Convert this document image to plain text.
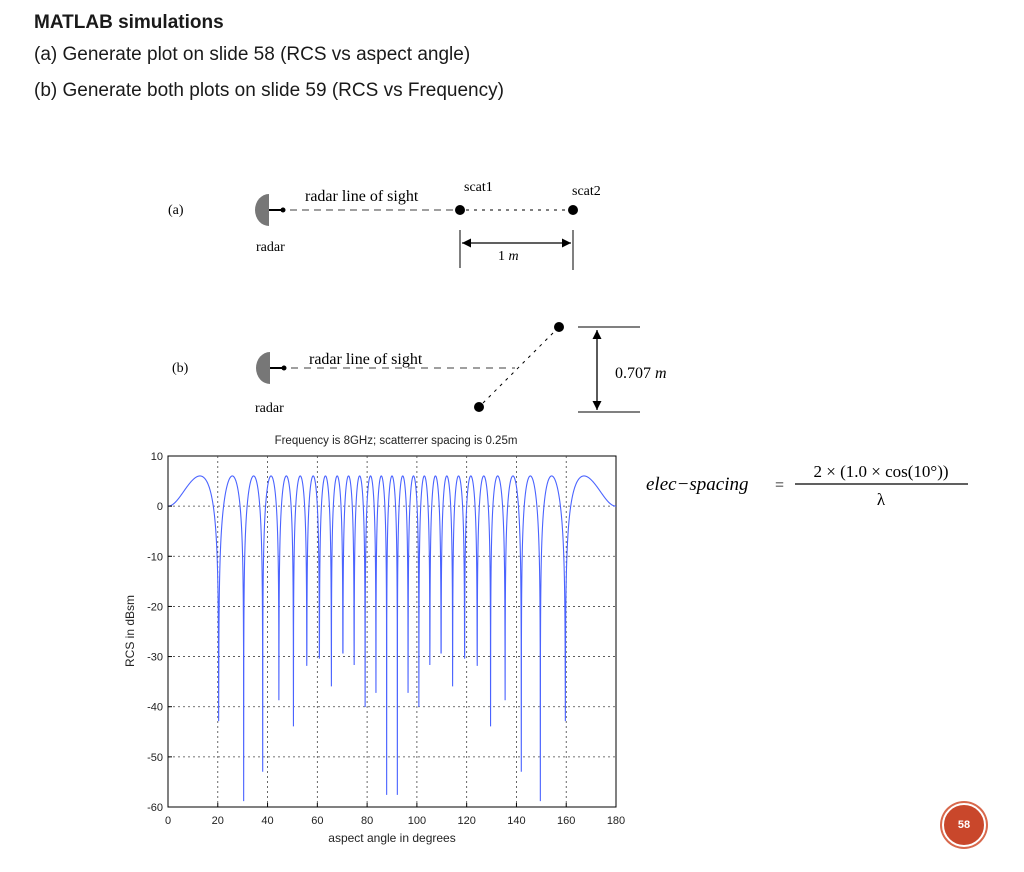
MATLAB simulations
(a) Generate plot on slide 58 (RCS vs aspect angle)
(b) Generate both plots on slide 59 (RCS vs Frequency)
(a)
radar line of sight
radar
scat1	scat2
1 m
(b)
radar line of sight
radar
0.707 m
Frequency is 8GHz; scatterrer spacing is 0.25m
10
0
-10
-20
-30
-40
-50
-60
0	20	40	60	80	100	120	140	160	180
aspect angle in degrees
RCS in dBsm
elec−spacing =
2 × (1.0 × cos(10°))
λ
58
